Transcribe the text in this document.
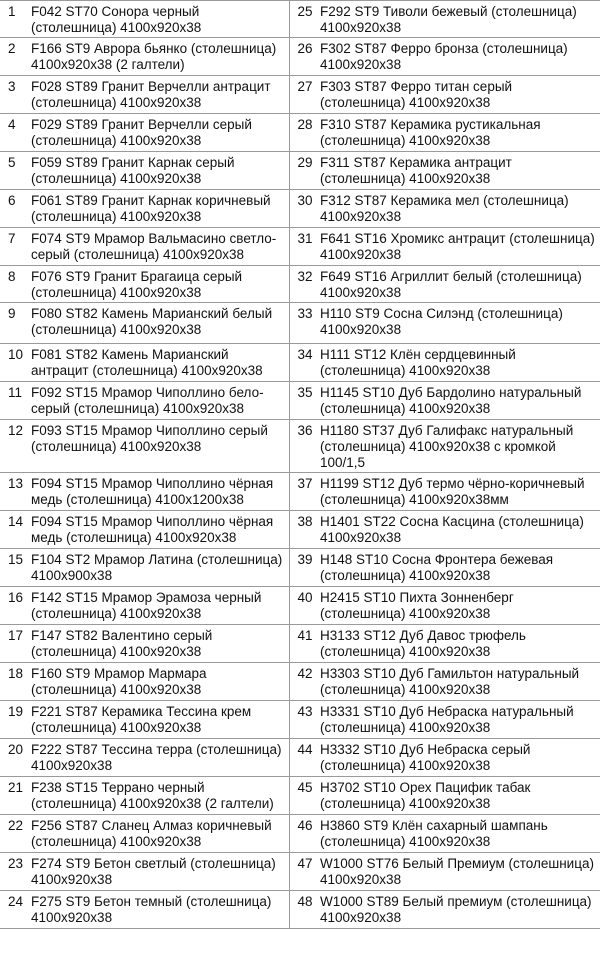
1	F042 ST70 Сонора черный (столешница) 4100x920x38	25	F292 ST9 Тиволи бежевый (столешница) 4100x920x38
2	F166 ST9 Аврора бьянко (столешница) 4100x920x38 (2 галтели)	26	F302 ST87 Ферро бронза (столешница) 4100x920x38
3	F028 ST89 Гранит Верчелли антрацит (столешница) 4100x920x38	27	F303 ST87 Ферро титан серый (столешница) 4100x920x38
4	F029 ST89 Гранит Верчелли серый (столешница) 4100x920x38	28	F310 ST87 Керамика рустикальная (столешница) 4100x920x38
5	F059 ST89 Гранит Карнак серый (столешница) 4100x920x38	29	F311 ST87 Керамика антрацит (столешница) 4100x920x38
6	F061 ST89 Гранит Карнак коричневый (столешница) 4100x920x38	30	F312 ST87 Керамика мел (столешница) 4100x920x38
7	F074 ST9 Мрамор Вальмасино светло-серый (столешница) 4100x920x38	31	F641 ST16 Хромикс антрацит (столешница) 4100x920x38
8	F076 ST9 Гранит Брагаица серый (столешница) 4100x920x38	32	F649 ST16 Агриллит белый (столешница) 4100x920x38
9	F080 ST82 Камень Марианский белый (столешница) 4100x920x38	33	H110 ST9 Сосна Силэнд (столешница) 4100x920x38
10	F081 ST82 Камень Марианский антрацит (столешница) 4100x920x38	34	H111 ST12 Клён сердцевинный (столешница) 4100x920x38
11	F092 ST15 Мрамор Чиполлино бело-серый (столешница) 4100x920x38	35	H1145 ST10 Дуб Бардолино натуральный (столешница) 4100x920x38
12	F093 ST15 Мрамор Чиполлино серый (столешница) 4100x920x38	36	H1180 ST37 Дуб Галифакс натуральный (столешница) 4100x920x38 с кромкой 100/1,5
13	F094 ST15 Мрамор Чиполлино чёрная медь (столешница) 4100x1200x38	37	H1199 ST12 Дуб термо чёрно-коричневый (столешница) 4100x920x38мм
14	F094 ST15 Мрамор Чиполлино чёрная медь (столешница) 4100x920x38	38	H1401 ST22 Сосна Касцина (столешница) 4100x920x38
15	F104 ST2 Мрамор Латина (столешница) 4100x900x38	39	H148 ST10 Сосна Фронтера бежевая (столешница) 4100x920x38
16	F142 ST15 Мрамор Эрамоза черный (столешница) 4100x920x38	40	H2415 ST10 Пихта Зонненберг (столешница) 4100x920x38
17	F147 ST82 Валентино серый (столешница) 4100x920x38	41	H3133 ST12 Дуб Давос трюфель (столешница) 4100x920x38
18	F160 ST9 Мрамор Мармара (столешница) 4100x920x38	42	H3303 ST10 Дуб Гамильтон натуральный (столешница) 4100x920x38
19	F221 ST87 Керамика Тессина крем (столешница) 4100x920x38	43	H3331 ST10 Дуб Небраска натуральный (столешница) 4100x920x38
20	F222 ST87 Тессина терра (столешница) 4100x920x38	44	H3332 ST10 Дуб Небраска серый (столешница) 4100x920x38
21	F238 ST15 Террано черный (столешница) 4100x920x38 (2 галтели)	45	H3702 ST10 Орех Пацифик табак (столешница) 4100x920x38
22	F256 ST87 Сланец Алмаз коричневый (столешница) 4100x920x38	46	H3860 ST9 Клён сахарный шампань (столешница) 4100x920x38
23	F274 ST9 Бетон светлый (столешница) 4100x920x38	47	W1000 ST76 Белый Премиум (столешница) 4100x920x38
24	F275 ST9 Бетон темный (столешница) 4100x920x38	48	W1000 ST89 Белый премиум (столешница) 4100x920x38
